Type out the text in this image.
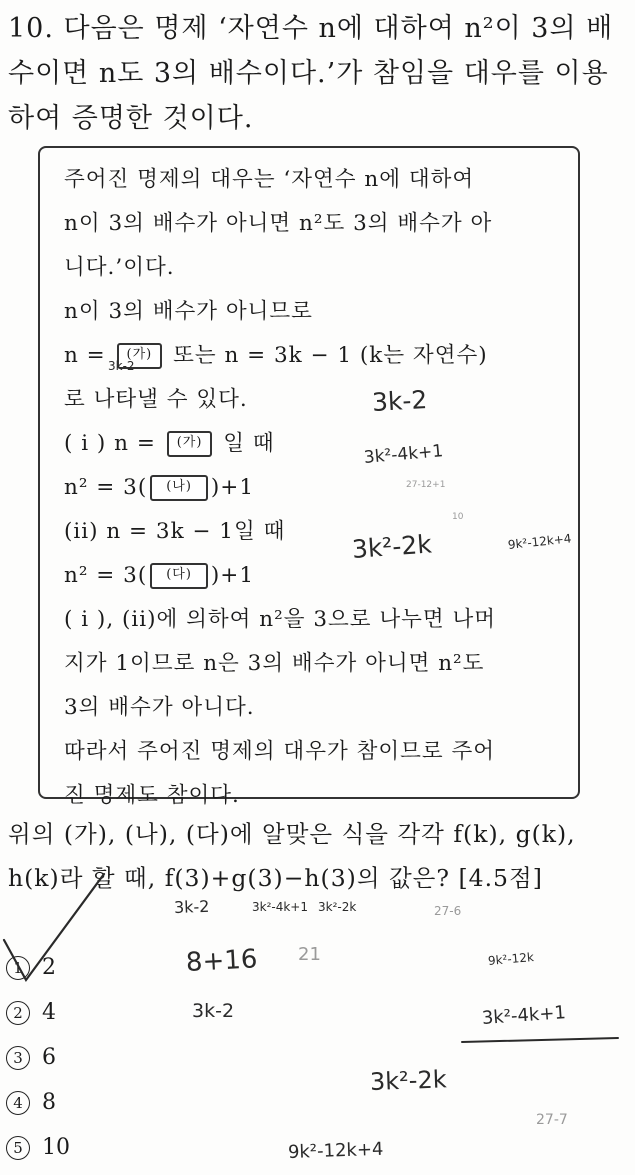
10. 다음은 명제 ‘자연수 n에 대하여 n²이 3의 배
수이면 n도 3의 배수이다.’가 참임을 대우를 이용
하여 증명한 것이다.
주어진 명제의 대우는 ‘자연수 n에 대하여
n이 3의 배수가 아니면 n²도 3의 배수가 아
니다.’이다.
n이 3의 배수가 아니므로
n = (가) 또는 n = 3k − 1 (k는 자연수)
로 나타낼 수 있다.
( i ) n = (가) 일 때
n² = 3( (나) )+1
(ii) n = 3k − 1일 때
n² = 3( (다) )+1
( i ), (ii)에 의하여 n²을 3으로 나누면 나머
지가 1이므로 n은 3의 배수가 아니면 n²도
3의 배수가 아니다.
따라서 주어진 명제의 대우가 참이므로 주어
진 명제도 참이다.
위의 (가), (나), (다)에 알맞은 식을 각각 f(k), g(k),
h(k)라 할 때, f(3)+g(3)−h(3)의 값은? [4.5점]
1 2
2 4
3 6
4 8
5 10
3k-2
3k-2
3k²-4k+1
27-12+1
10
3k²-2k	9k²-12k+4
3k-2	3k²-4k+1 3k²-2k	27-6
9k²-12k
8+16 21
3k-2	3k²-4k+1
3k²-2k
27-7
9k²-12k+4
